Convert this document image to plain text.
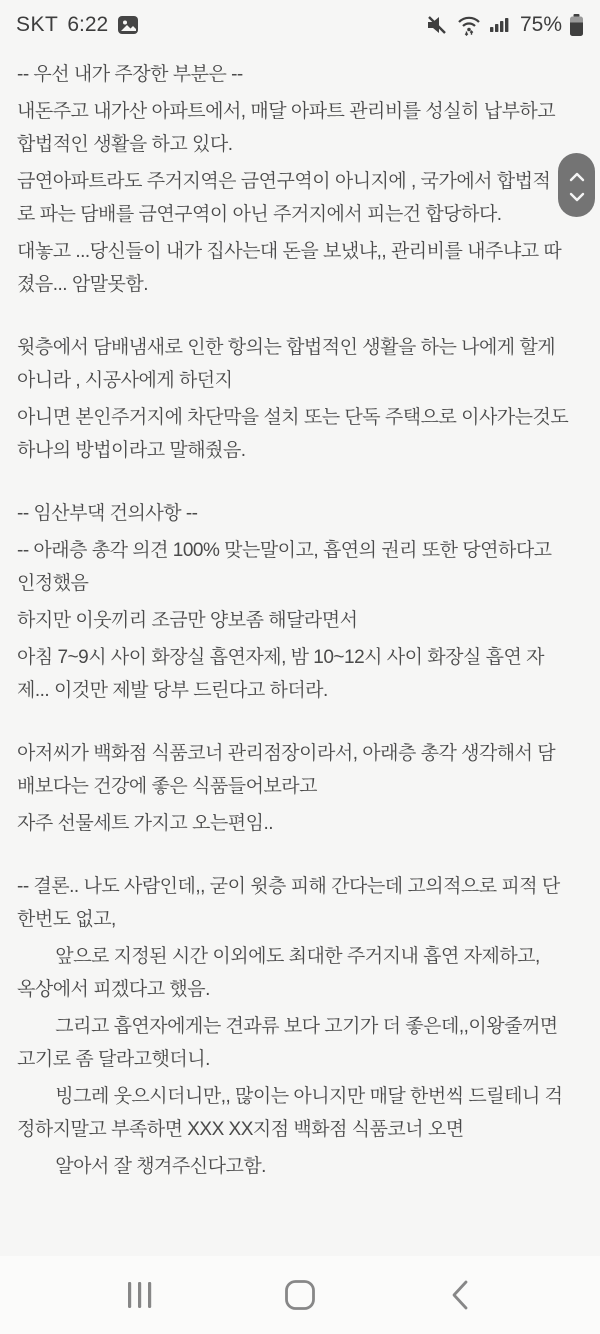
SKT 6:22	75%
-- 우선 내가 주장한 부분은 --
내돈주고 내가산 아파트에서, 매달 아파트 관리비를 성실히 납부하고
합법적인 생활을 하고 있다.
금연아파트라도 주거지역은 금연구역이 아니지에 , 국가에서 합법적
로 파는 담배를 금연구역이 아닌 주거지에서 피는건 합당하다.
대놓고 ...당신들이 내가 집사는대 돈을 보냈냐,, 관리비를 내주냐고 따
졌음... 암말못함.
윗층에서 담배냄새로 인한 항의는 합법적인 생활을 하는 나에게 할게
아니라 , 시공사에게 하던지
아니면 본인주거지에 차단막을 설치 또는 단독 주택으로 이사가는것도
하나의 방법이라고 말해줬음.
-- 임산부댁 건의사항 --
-- 아래층 총각 의견 100% 맞는말이고, 흡연의 권리 또한 당연하다고
인정했음
하지만 이웃끼리 조금만 양보좀 해달라면서
아침 7~9시 사이 화장실 흡연자제, 밤 10~12시 사이 화장실 흡연 자
제... 이것만 제발 당부 드린다고 하더라.
아저씨가 백화점 식품코너 관리점장이라서, 아래층 총각 생각해서 담
배보다는 건강에 좋은 식품들어보라고
자주 선물세트 가지고 오는편임..
-- 결론.. 나도 사람인데,, 굳이 윗층 피해 간다는데 고의적으로 피적 단
한번도 없고,
앞으로 지정된 시간 이외에도 최대한 주거지내 흡연 자제하고,
옥상에서 피겠다고 했음.
그리고 흡연자에게는 견과류 보다 고기가 더 좋은데,,이왕줄꺼면
고기로 좀 달라고햇더니.
빙그레 웃으시더니만,, 많이는 아니지만 매달 한번씩 드릴테니 걱
정하지말고 부족하면 XXX XX지점 백화점 식품코너 오면
알아서 잘 챙겨주신다고함.
